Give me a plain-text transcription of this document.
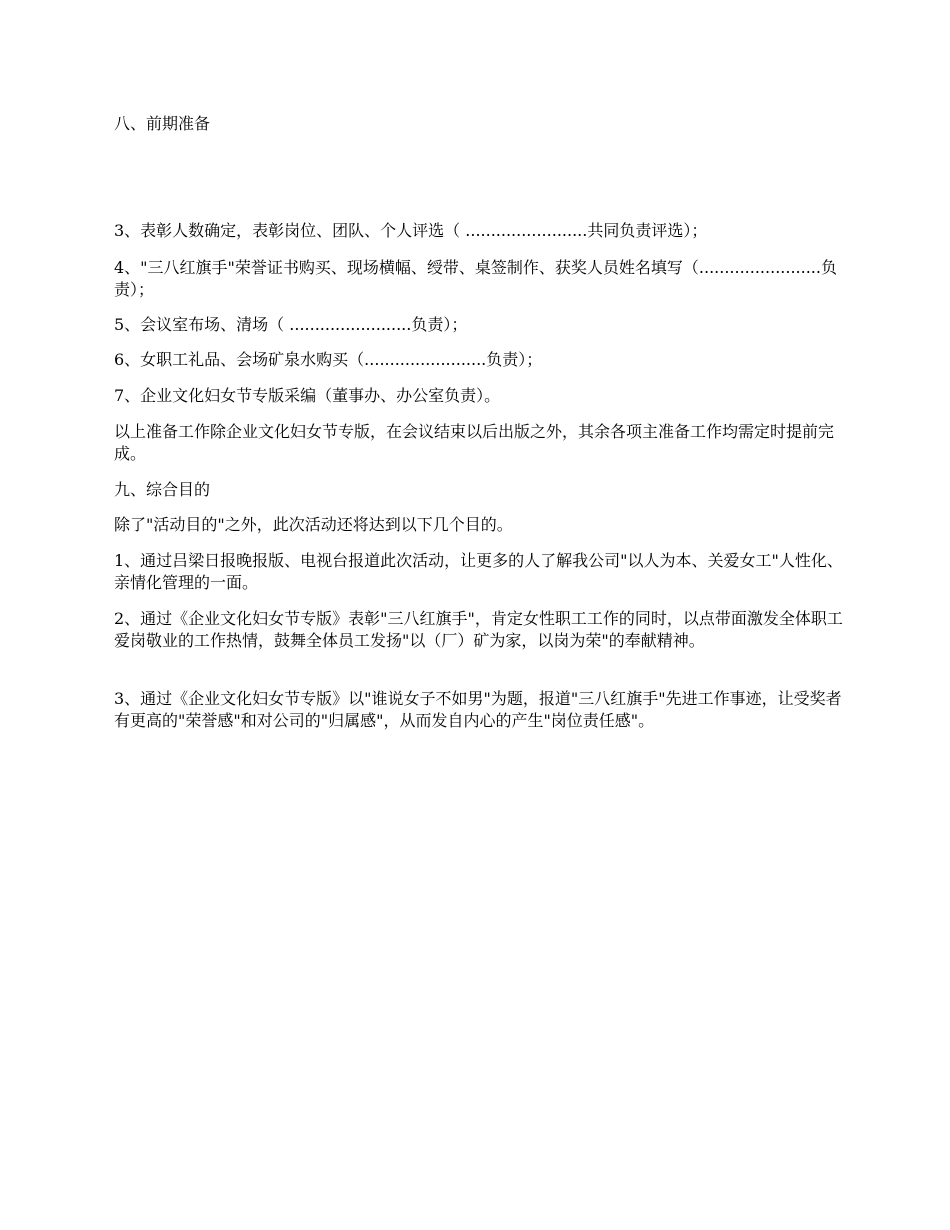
八、前期准备

3、表彰人数确定，表彰岗位、团队、个人评选（ ........................共同负责评选）；

4、"三八红旗手"荣誉证书购买、现场横幅、绶带、桌签制作、获奖人员姓名填写（........................负责）；

5、会议室布场、清场（ ........................负责）；

6、女职工礼品、会场矿泉水购买（........................负责）；

7、企业文化妇女节专版采编（董事办、办公室负责）。

以上准备工作除企业文化妇女节专版，在会议结束以后出版之外，其余各项主准备工作均需定时提前完成。

九、综合目的

除了"活动目的"之外，此次活动还将达到以下几个目的。

1、通过吕梁日报晚报版、电视台报道此次活动，让更多的人了解我公司"以人为本、关爱女工"人性化、亲情化管理的一面。

2、通过《企业文化妇女节专版》表彰"三八红旗手"，肯定女性职工工作的同时，以点带面激发全体职工爱岗敬业的工作热情，鼓舞全体员工发扬"以（厂）矿为家，以岗为荣"的奉献精神。

3、通过《企业文化妇女节专版》以"谁说女子不如男"为题，报道"三八红旗手"先进工作事迹，让受奖者有更高的"荣誉感"和对公司的"归属感"，从而发自内心的产生"岗位责任感"。
